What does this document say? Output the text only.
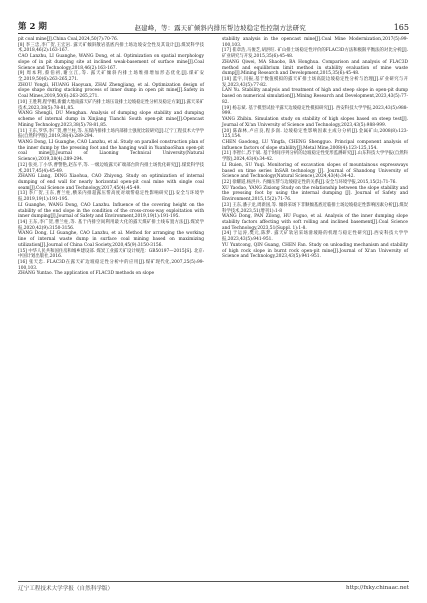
第 2 期	赵建峰，等：露天矿倾斜内排压帮边坡稳定性控制方法研究	165

pit coal mine[J].China Coal,2024,50(7):70-76.

[8] 李三忠,李广贺,王宏岩. 露天矿倾斜散岩基底内排土场边坡安全性及其设计[J].煤炭科学技术,2018,46(2):163-167.

CAO Lanzhu, LI Guanghe, WANG Dong, et al. Optimization on spatial morphology slope of in pit dumping site at inclined weak-basement of surface mine[J].Coal Science and Technology,2018,46(2):163-167.

[9] 周本利,蔡伯初,谢立江,等. 露天矿倾斜内排土场堆排增加形态优化[J].煤矿安全,2019,50(6):263-265,271.

ZHOU Yongli, HUANG Haoyuan, ZHAI Zhengjiang, et al. Optimization design of slope shape during stacking process of inner dump in open pit mine[J].Safety in Coal Mines,2019,50(6):263-265,271.

[10] 王胜利,程学帽,新疆大地南露天矿内排土场压设排土边坡稳定性分析及稳定方案[J].露天采矿技术,2023,38(5):78-81,85.

WANG Shengli, DU Menghan. Analysis of dumping slope stability and dumping scheme of internal dump in Xinjiang Tianchi South open-pit mine[J].Opencast Mining Technology,2023,38(5):78-81,85.

[11] 王东,罗华,李广贺,曹兰柱,等. 压煤内排排土场内部排土强度比较研究[J].辽宁工程技术大学学报(自然科学版),2019,38(4):289-294.

WANG Dong, LI Guanghe, CAO Lanzhu, et al. Study on parallel construction plan of the inner dump by the pressing foot and the hanging wall in YuanbaoShan open-pit coal mine[J].Journal of Liaoning Technical University(Natural Science),2019,38(4):289-294.

[12] 张亮,丁小华,曹警艳,赵东平,等. 一级边坡露天矿端部台阶内排土场优化研究[J].煤炭科学技术,2017,45(4):45-49.

ZHANG Liang, DING Xiaohua, CAO Zhiyong. Study on optimization of internal dumping of end wall for nearly horizontal open-pit coal mine with single coal seam[J].Coal Science and Technology,2017,45(4):45-49.

[13] 李广贺,王东,曹兰柱,横采内排超露压帮高度对端帮稳定性影响研究[J].安全与环境学报,2019,19(1):191-195.

LI Guanghe, WANG Dong, CAO Lanzhu. Influence of the covering height on the stability of the end slope in the condition of the cross-cross-way exploitation with inner dumping[J].Journal of Safety and Environment,2019,19(1):191-195.

[14] 王东,李广贺,曹兰柱,等. 基于内排空间利用最大化的露天煤矿排土线布置方法[J].煤炭学报,2020,42(9):3150-3156.

WANG Dong, LI Guanghe, CAO Lanzhu, et al. Method for arranging the working line of internal waste dump in surface coal mining based on maximizing utilization[J].Journal of China Coal Society,2020,45(9):3150-3156.

[15] 中华人民共和国住房和城乡建设部. 煤炭工业露天矿设计规范：GB50197—2015[S]. 北京:中国计划出版社,2016.

[16] 张天忠. FLAC3D在露天矿边坡稳定性分析中的应用[J].煤矿现代化,2007,25(5):99-100,103.

ZHANG Yuntao. The application of FLAC3D methods on slope

stability analysis in the opencast mine[J].Coal Mine Modernization,2017(5):99-100,103.

[17] 崔章浩,马俊芝,胡洪旺. 矿山排土场稳定性评价的FLAC3D方法和极限平衡法的对比分析[J].矿业研究与开发,2015,35(6):45-48.

ZHANG Qiwei, MA Shaobo, BA Honghua. Comparison and analysis of FLAC3D method and equilibrium limit method in stability evaluation of mine waste dump[J].Mining Research and Development,2015,35(6):45-48.

[18] 蓝宇,闫振,基于数值模拟的露天矿排土场高陡边坡稳定性分析与治理[J].矿业研究与开发,2023,43(5):77-82.

LAN Yu. Stability analysis and treatment of high and steep slope in open-pit dump based on numerical simulation[J].Mining Research and Development,2023,43(5):77-82.

[19] 杨志斌. 基于模型试验平露天边坡稳定性模拟研究[J]. 西安科技大学学报,2023,43(5):988-999.

YANG Zhibin. Simulation study on stability of high slopes based on steep test[J]. Journal of Xi'an University of Science and Technology,2023,43(5):988-999.

[20] 陈森林,卢应良,程多润. 边坡稳定性影响因素主成分分析[J].金属矿山,2008(8):123-125,154.

CHEN Gaodong, LU Yingfa, CHENG Shengguo. Principal component analysis of influence factors of slope stability[J].Metal Mine,2008(4):123-125,154.

[21] 李智仁,苏于斌. 基于时间序列分析的边坡稳定性变形监测研究[J].山东科技大学学报(自然科学版),2024,43(4):34-42.

LI Ruien, SU Yuqi. Monitoring of excavation slopes of mountainous expressways based on time series InSAR technology [J]. Journal of Shandong University of Science and Technology(Natural Science),2024,43(4):34-42.

[22] 徐耀道,杨洪兵. 内倾压帮与边坡稳定性的关系[J].安全与环境学报,2015,15(2):71-76.

XU Yaodao, YANG Zixiong Study on the relationship between the slope stability and the pressing foot by using the internal dumping [J]. Journal of Safety and Environment,2015,15(2):71-76.

[23] 王东,潘子龙,周新国,等. 倾斜采场下非顺倾基底近临排土场边坡稳定性影响因素分析[J].煤炭科学技术,2023,51(增刊1):1-8

WANG Dong, PAN Zilong, HU Fuguo, et al. Analysis of the inner dumping slope stability factors affecting with soft rolling and inclined basement[J].Coal Science and Technology,2023,51(Suppl. 1):1-8.

[24] 于运涛,樊元,陈梦. 露天矿软岩采场滑坡路的机理与稳定性研究[J].西安科技大学学报,2023,43(5):941-951.

YU Yuntcong, QIN Guang, CHEN Fan. Study on unloading mechanism and stability of high rock slope in burnt rock open-pit mine[J].Journal of Xi'an University of Science and Technology,2023,43(5):941-951.

辽宁工程技术大学学报（自然科学版）	http://fxky.chinaac.net
